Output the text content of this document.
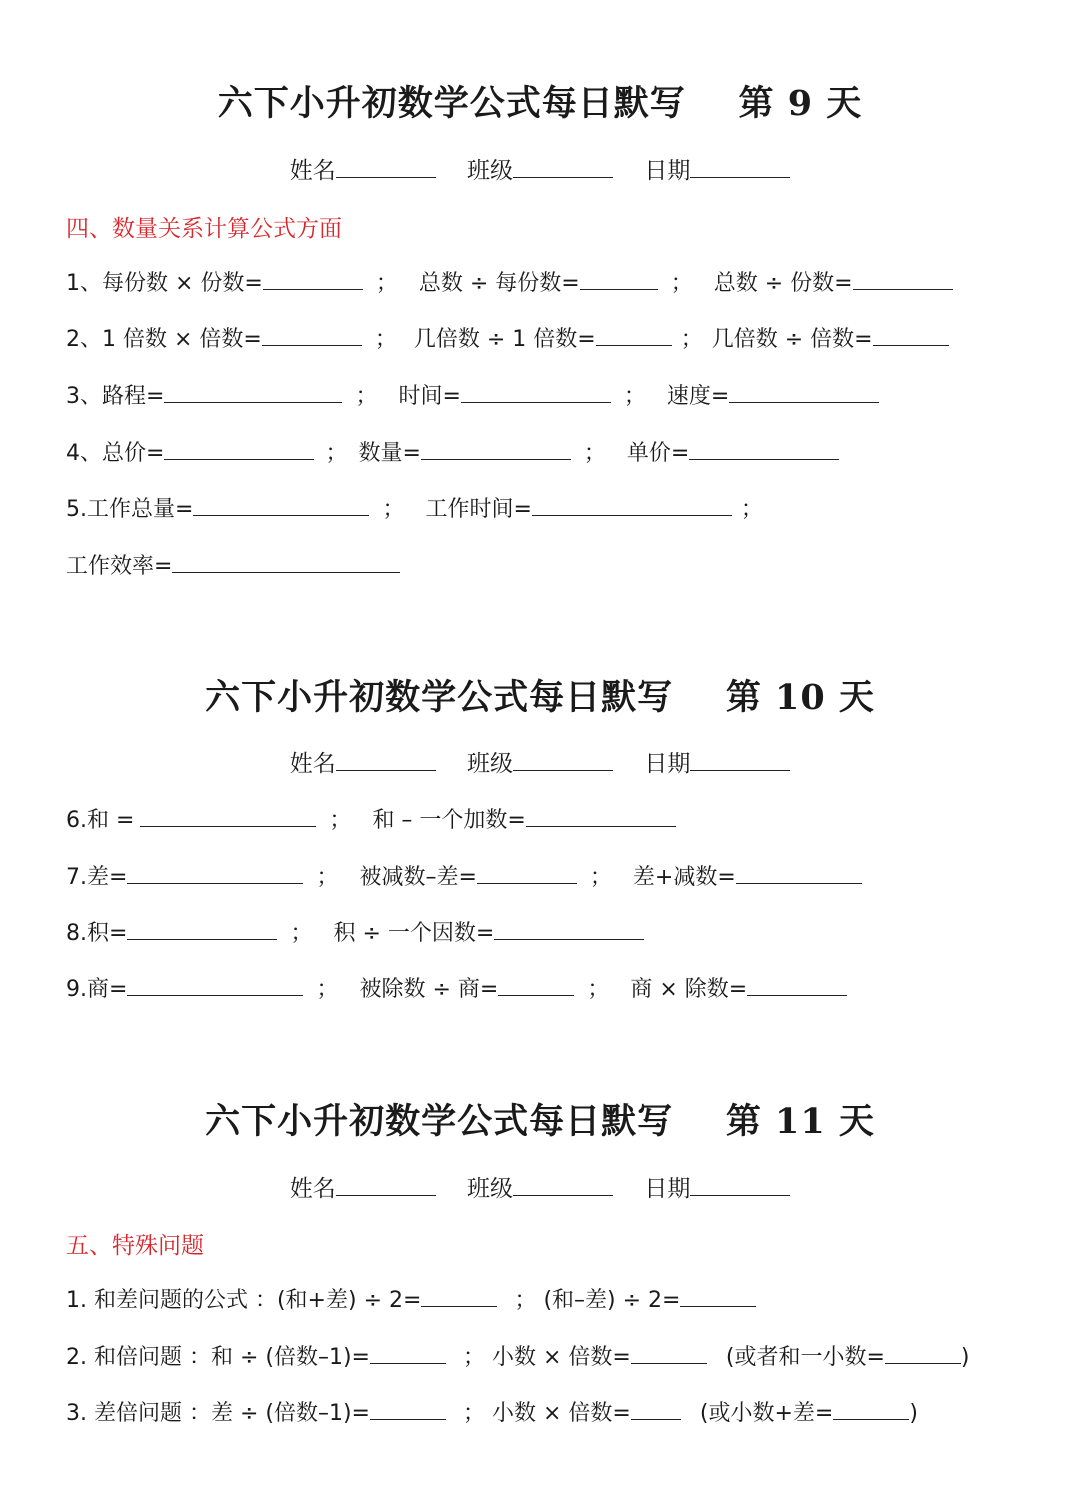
六下小升初数学公式每日默写    第 9 天
姓名	班级	日期
四、数量关系计算公式方面
1、每份数 × 份数=	； 总数 ÷ 每份数=	； 总数 ÷ 份数=
2、1 倍数 × 倍数=	； 几倍数 ÷ 1 倍数=	； 几倍数 ÷ 倍数=
3、路程=	； 时间=	； 速度=
4、总价=	； 数量=	； 单价=
5.工作总量=	； 工作时间=	；
工作效率=
六下小升初数学公式每日默写    第 10 天
姓名	班级	日期
6.和 =	； 和 – 一个加数=
7.差=	； 被减数–差=	； 差+减数=
8.积=	； 积 ÷ 一个因数=
9.商=	； 被除数 ÷ 商=	； 商 × 除数=
六下小升初数学公式每日默写    第 11 天
姓名	班级	日期
五、特殊问题
1. 和差问题的公式 ：(和+差) ÷ 2=	； (和–差) ÷ 2=
2. 和倍问题 ：和 ÷ (倍数–1)=	； 小数 × 倍数=	(或者和一小数=	)
3. 差倍问题 ：差 ÷ (倍数–1)=	； 小数 × 倍数=	(或小数+差=	)
